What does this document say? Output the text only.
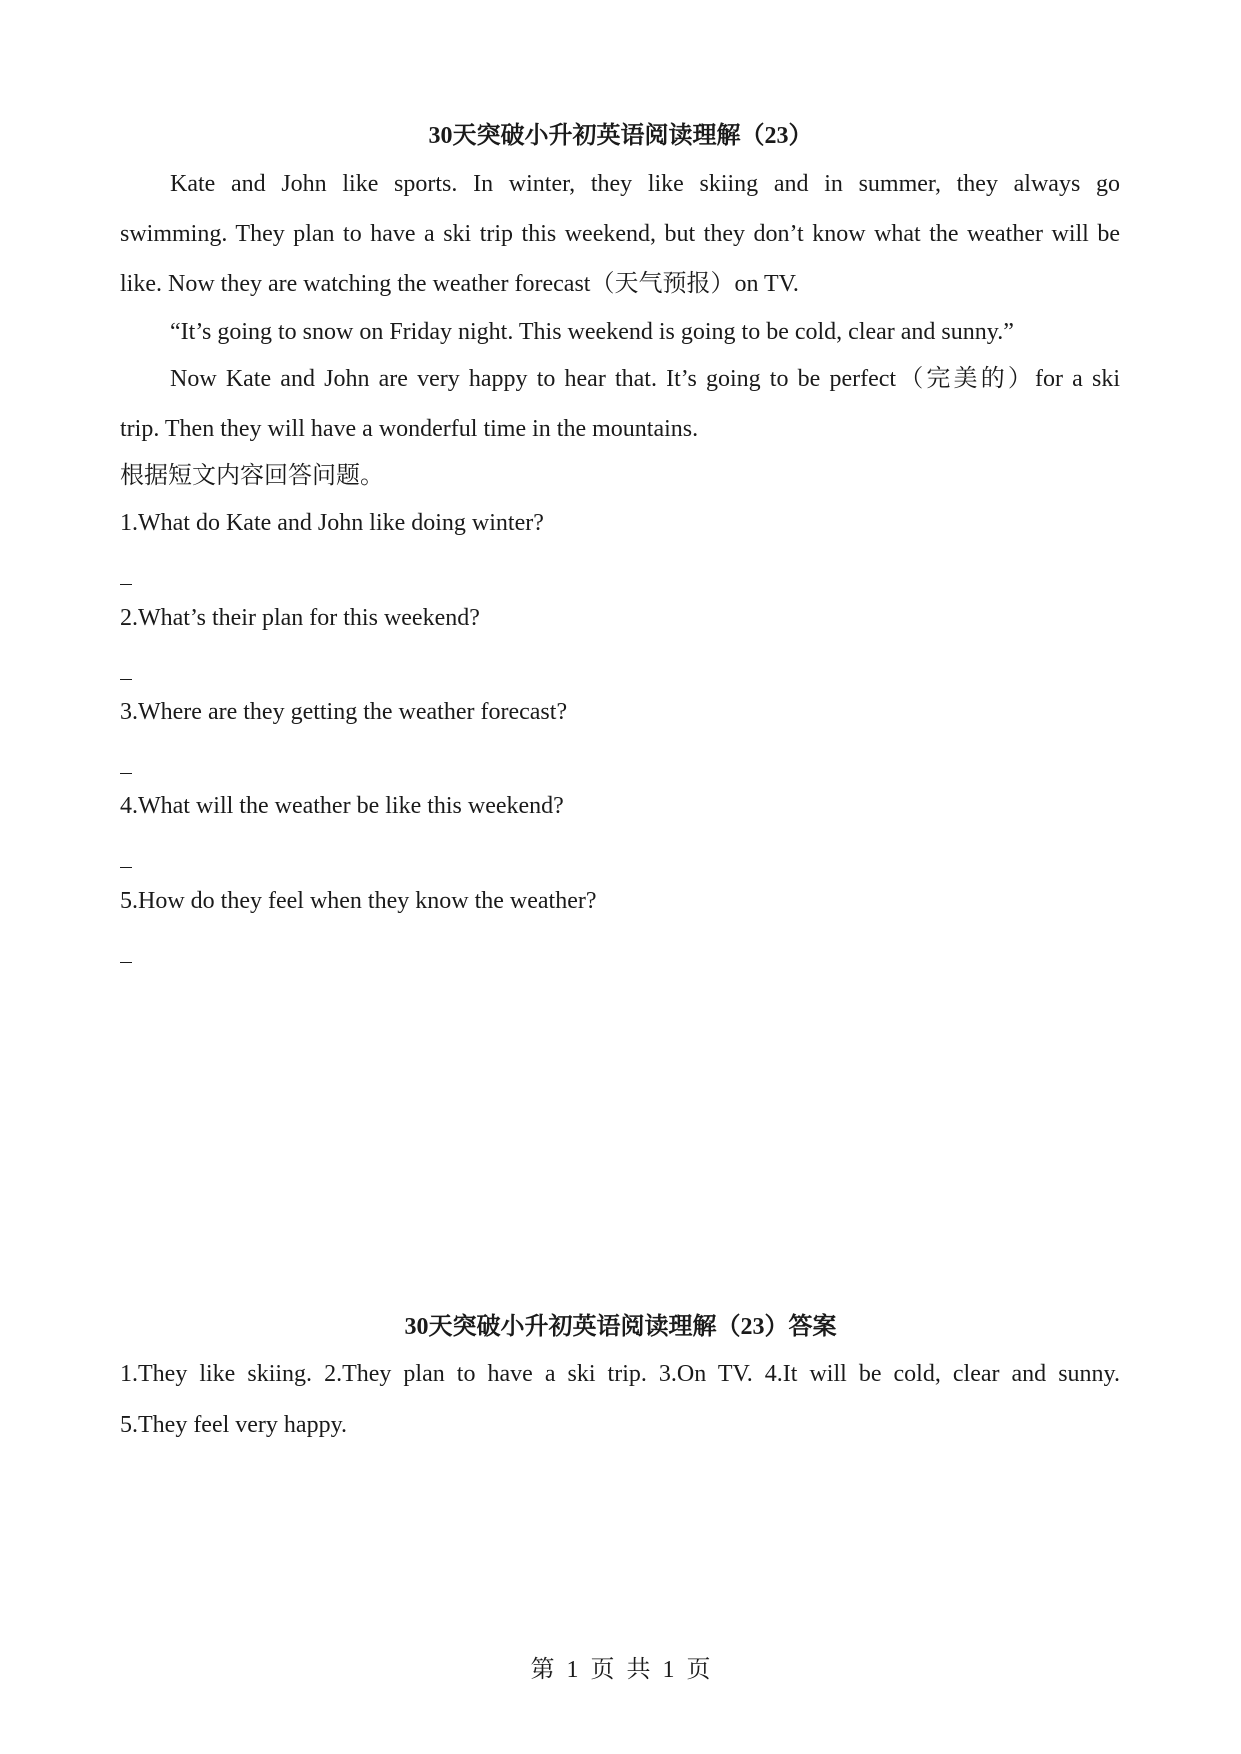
30天突破小升初英语阅读理解（23）
Kate and John like sports. In winter, they like skiing and in summer, they always go
swimming. They plan to have a ski trip this weekend, but they don’t know what the weather will be
like. Now they are watching the weather forecast（天气预报）on TV.
“It’s going to snow on Friday night. This weekend is going to be cold, clear and sunny.”
Now Kate and John are very happy to hear that. It’s going to be perfect（完美的）for a ski
trip. Then they will have a wonderful time in the mountains.
根据短文内容回答问题。
1.What do Kate and John like doing winter?
2.What’s their plan for this weekend?
3.Where are they getting the weather forecast?
4.What will the weather be like this weekend?
5.How do they feel when they know the weather?
30天突破小升初英语阅读理解（23）答案
1.They like skiing. 2.They plan to have a ski trip. 3.On TV. 4.It will be cold, clear and sunny.
5.They feel very happy.
第 1 页 共 1 页
